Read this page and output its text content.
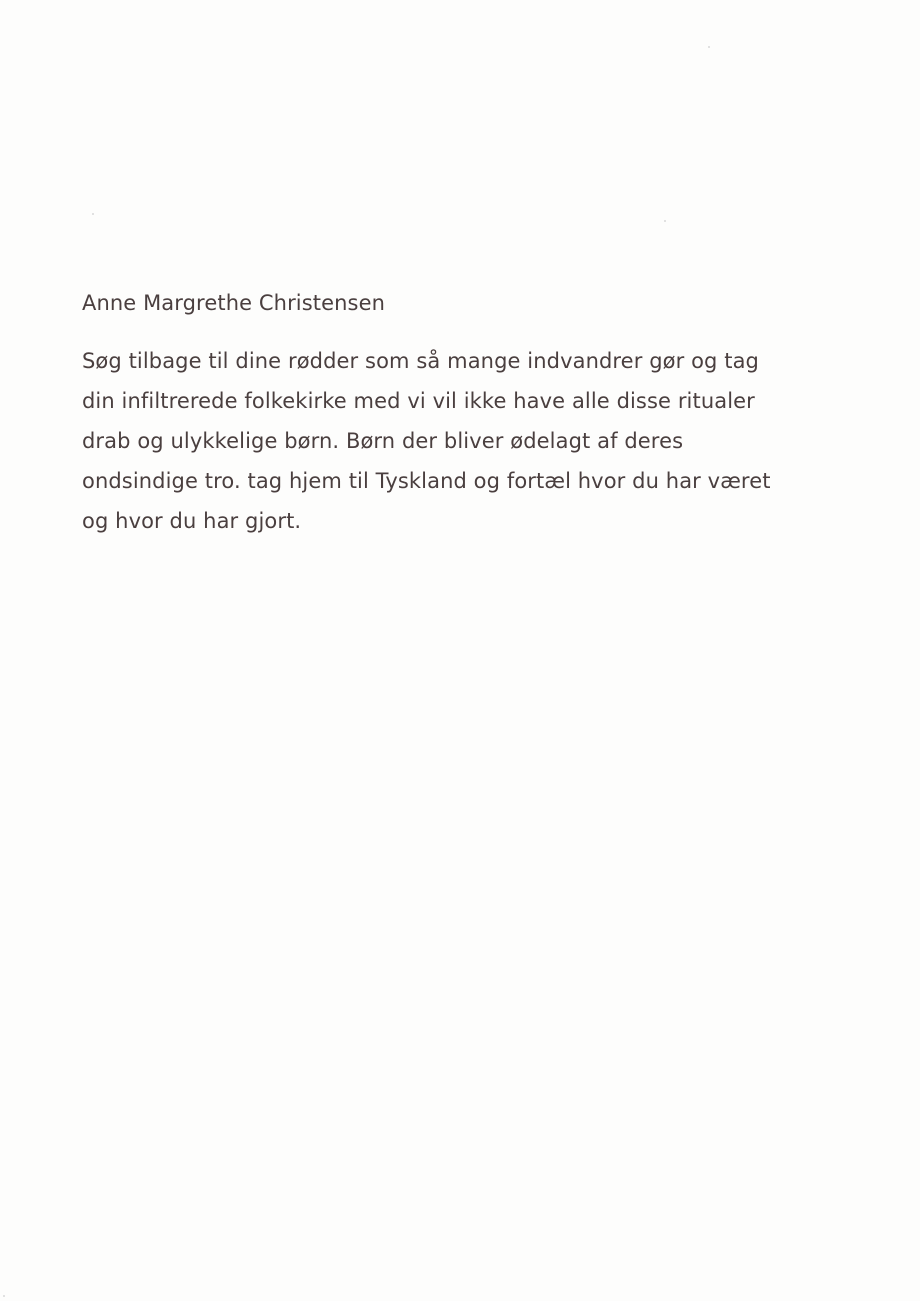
Anne Margrethe Christensen

Søg tilbage til dine rødder som så mange indvandrer gør og tag
din infiltrerede folkekirke med vi vil ikke have alle disse ritualer
drab og ulykkelige børn. Børn der bliver ødelagt af deres
ondsindige tro. tag hjem til Tyskland og fortæl hvor du har været
og hvor du har gjort.
